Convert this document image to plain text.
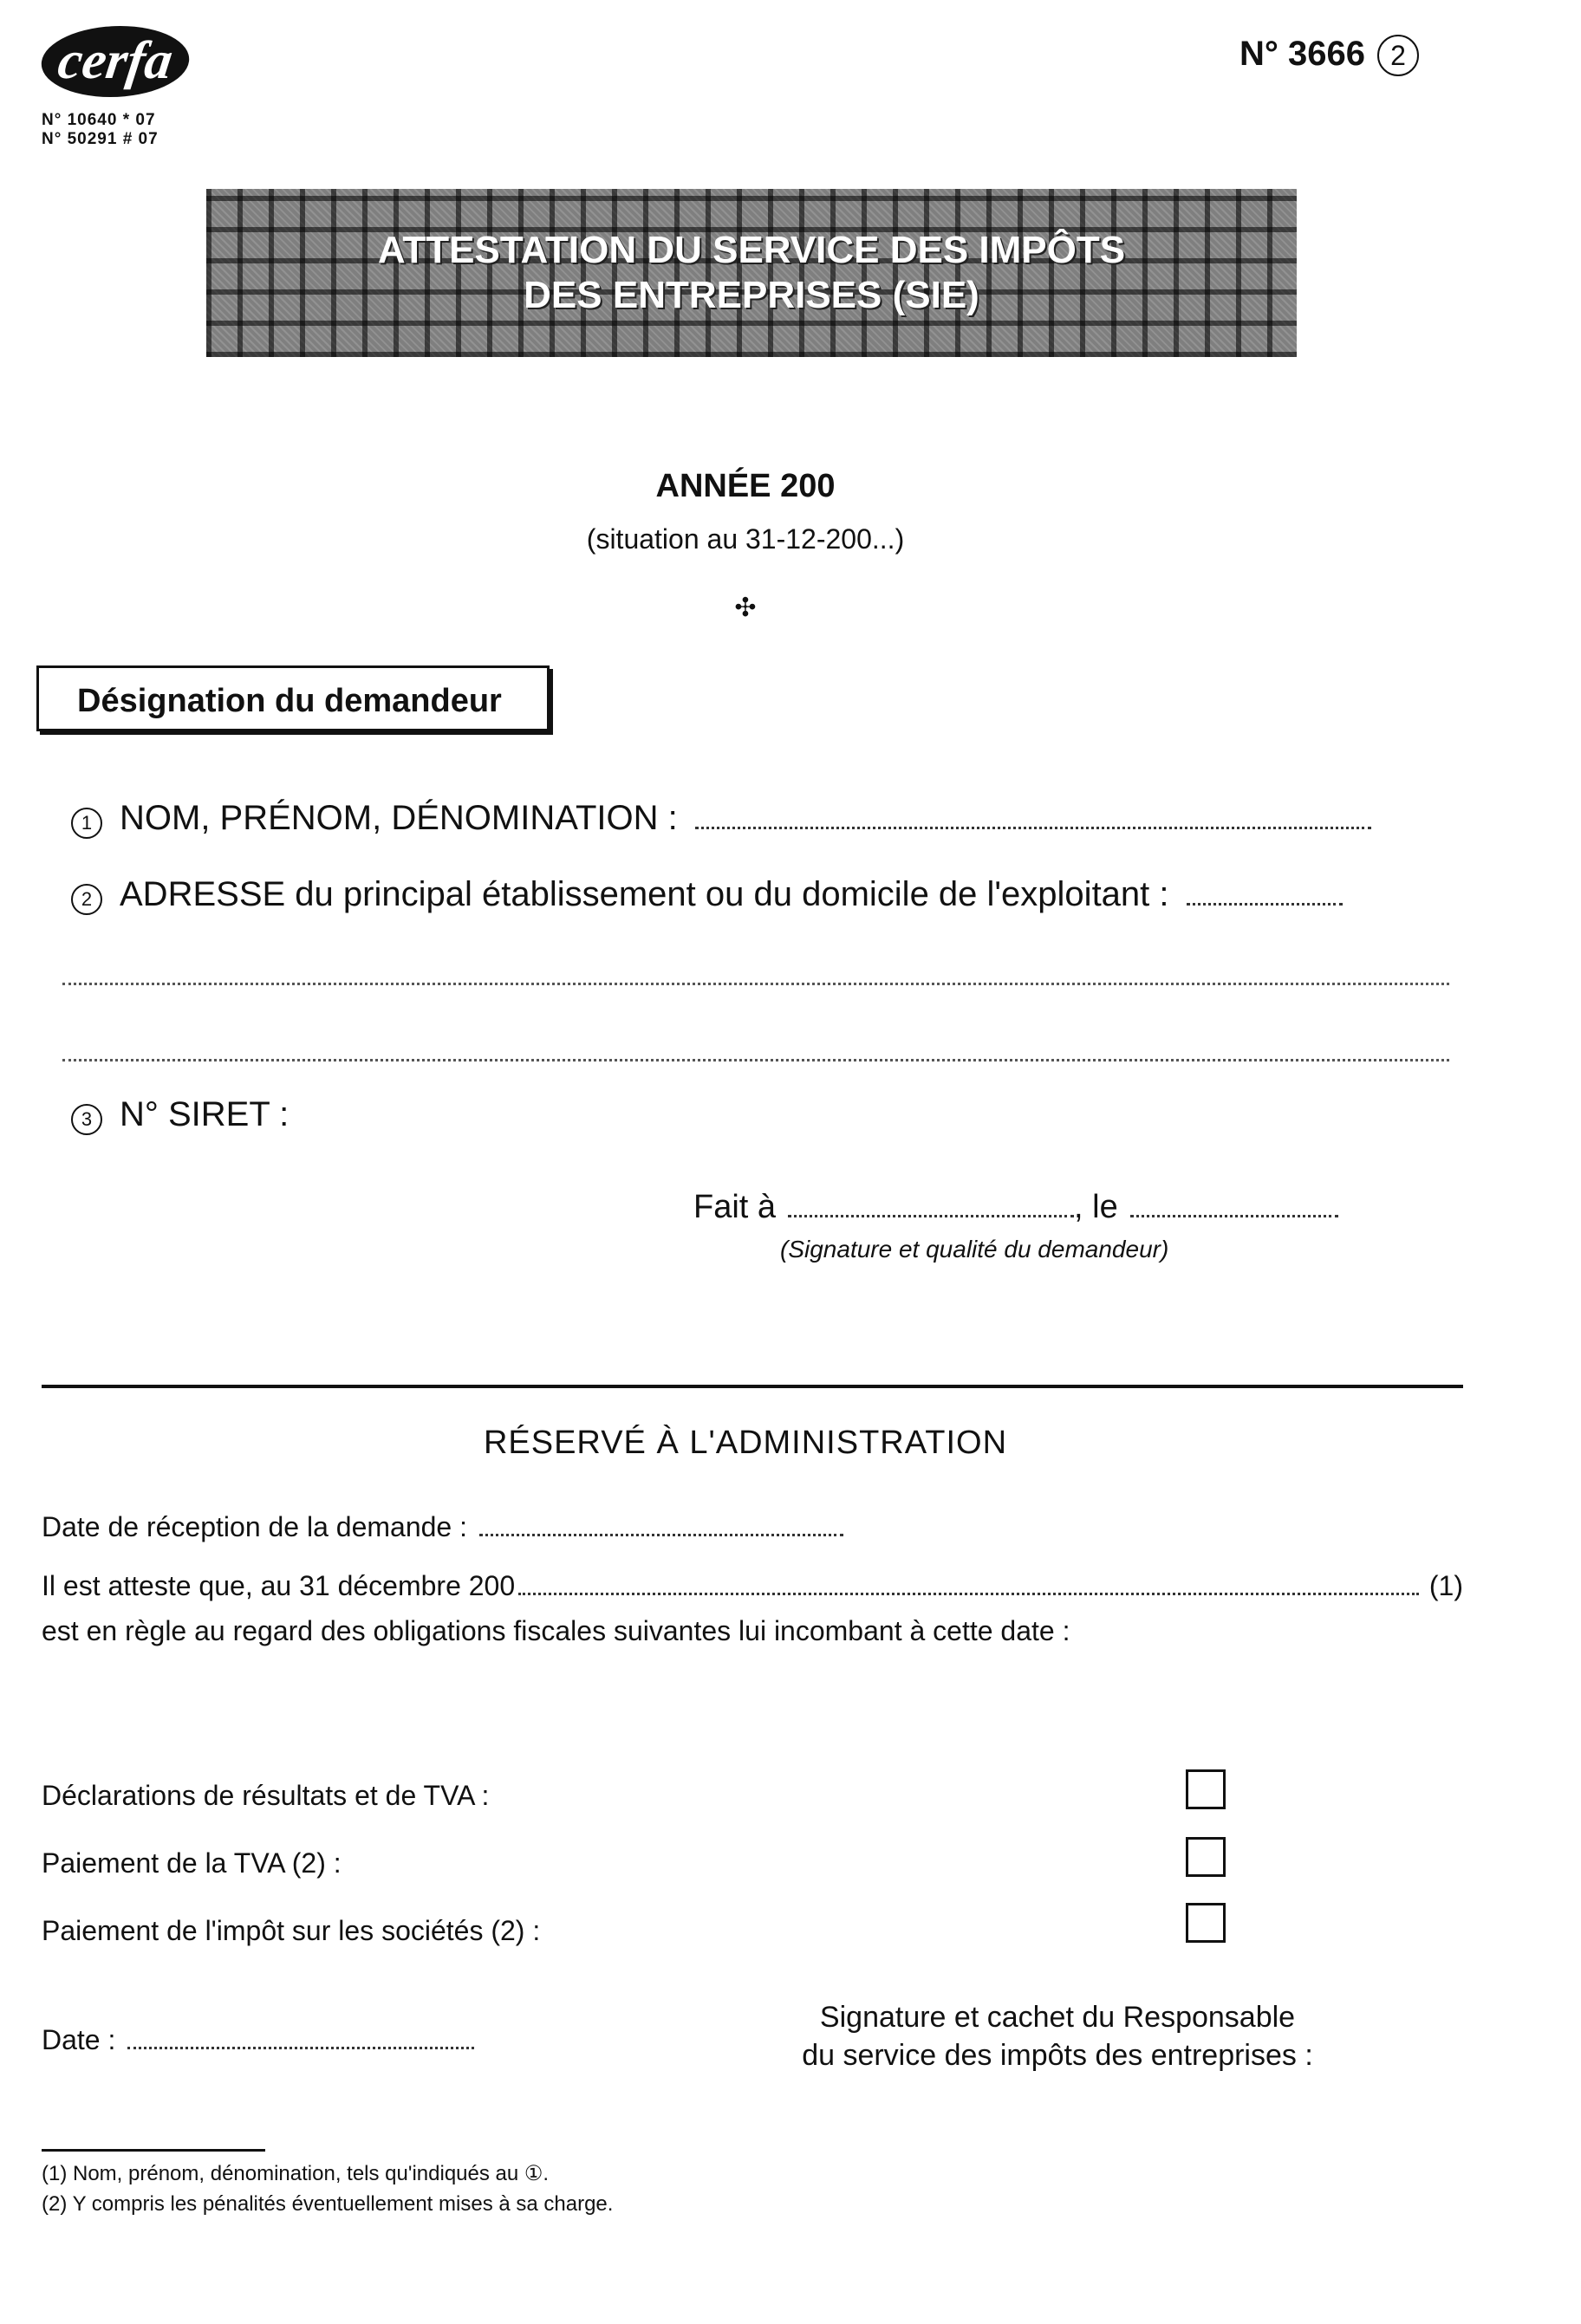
cerfa
N° 10640 * 07
N° 50291 # 07
N° 3666 2
ATTESTATION DU SERVICE DES IMPÔTS
DES ENTREPRISES (SIE)
ANNÉE 200
(situation au 31-12-200...)
✣
Désignation du demandeur
1 NOM, PRÉNOM, DÉNOMINATION :
2 ADRESSE du principal établissement ou du domicile de l'exploitant :
3 N° SIRET :
Fait à	, le
(Signature et qualité du demandeur)
RÉSERVÉ À L'ADMINISTRATION
Date de réception de la demande :
Il est atteste que, au 31 décembre 200	(1)
est en règle au regard des obligations fiscales suivantes lui incombant à cette date :
Déclarations de résultats et de TVA :
Paiement de la TVA (2) :
Paiement de l'impôt sur les sociétés (2) :
Date :
Signature et cachet du Responsable
du service des impôts des entreprises :
(1) Nom, prénom, dénomination, tels qu'indiqués au ①.
(2) Y compris les pénalités éventuellement mises à sa charge.
